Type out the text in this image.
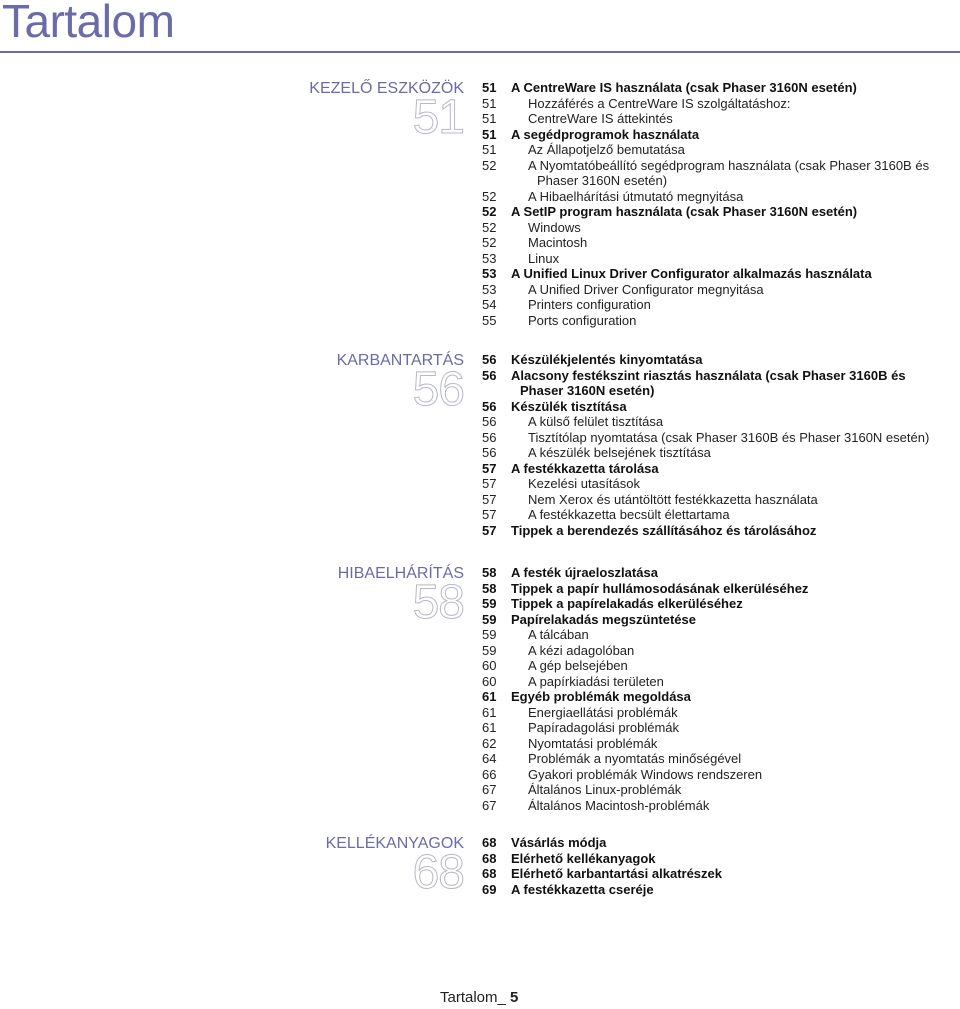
Tartalom
KEZELŐ ESZKÖZÖK
51
51	A CentreWare IS használata (csak Phaser 3160N esetén)
51	Hozzáférés a CentreWare IS szolgáltatáshoz:
51	CentreWare IS áttekintés
51	A segédprogramok használata
51	Az Állapotjelző bemutatása
52	A Nyomtatóbeállító segédprogram használata (csak Phaser 3160B és Phaser 3160N esetén)
52	A Hibaelhárítási útmutató megnyitása
52	A SetIP program használata (csak Phaser 3160N esetén)
52	Windows
52	Macintosh
53	Linux
53	A Unified Linux Driver Configurator alkalmazás használata
53	A Unified Driver Configurator megnyitása
54	Printers configuration
55	Ports configuration
KARBANTARTÁS
56
56	Készülékjelentés kinyomtatása
56	Alacsony festékszint riasztás használata (csak Phaser 3160B és Phaser 3160N esetén)
56	Készülék tisztítása
56	A külső felület tisztítása
56	Tisztítólap nyomtatása (csak Phaser 3160B és Phaser 3160N esetén)
56	A készülék belsejének tisztítása
57	A festékkazetta tárolása
57	Kezelési utasítások
57	Nem Xerox és utántöltött festékkazetta használata
57	A festékkazetta becsült élettartama
57	Tippek a berendezés szállításához és tárolásához
HIBAELHÁRÍTÁS
58
58	A festék újraeloszlatása
58	Tippek a papír hullámosodásának elkerüléséhez
59	Tippek a papírelakadás elkerüléséhez
59	Papírelakadás megszüntetése
59	A tálcában
59	A kézi adagolóban
60	A gép belsejében
60	A papírkiadási területen
61	Egyéb problémák megoldása
61	Energiaellátási problémák
61	Papíradagolási problémák
62	Nyomtatási problémák
64	Problémák a nyomtatás minőségével
66	Gyakori problémák Windows rendszeren
67	Általános Linux-problémák
67	Általános Macintosh-problémák
KELLÉKANYAGOK
68
68	Vásárlás módja
68	Elérhető kellékanyagok
68	Elérhető karbantartási alkatrészek
69	A festékkazetta cseréje
Tartalom_ 5
